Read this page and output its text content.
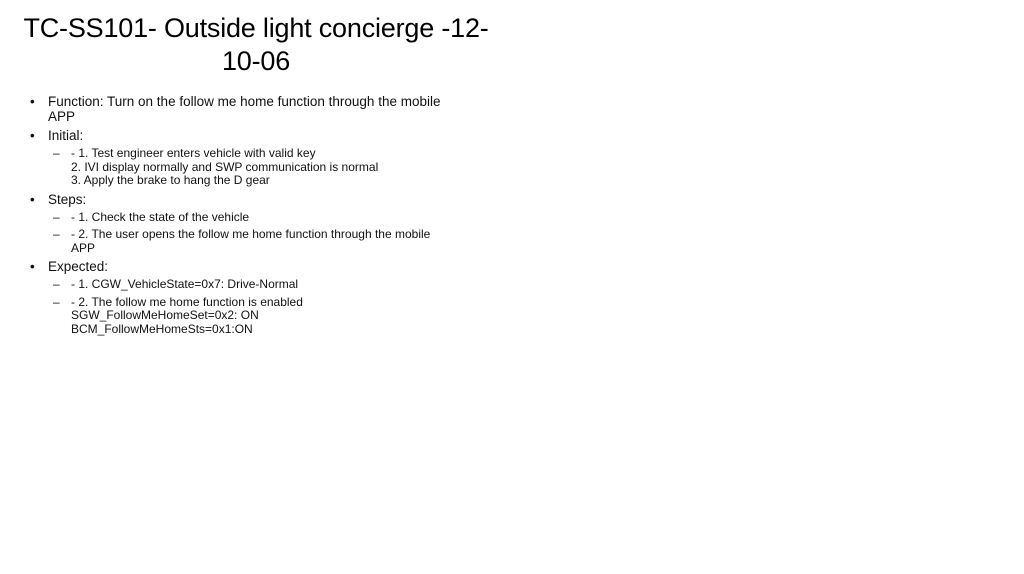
TC-SS101- Outside light concierge -12-
10-06
• Function: Turn on the follow me home function through the mobile
APP
• Initial:
– - 1. Test engineer enters vehicle with valid key
2. IVI display normally and SWP communication is normal
3. Apply the brake to hang the D gear
• Steps:
– - 1. Check the state of the vehicle
– - 2. The user opens the follow me home function through the mobile
APP
• Expected:
– - 1. CGW_VehicleState=0x7: Drive-Normal
– - 2. The follow me home function is enabled
SGW_FollowMeHomeSet=0x2: ON
BCM_FollowMeHomeSts=0x1:ON
